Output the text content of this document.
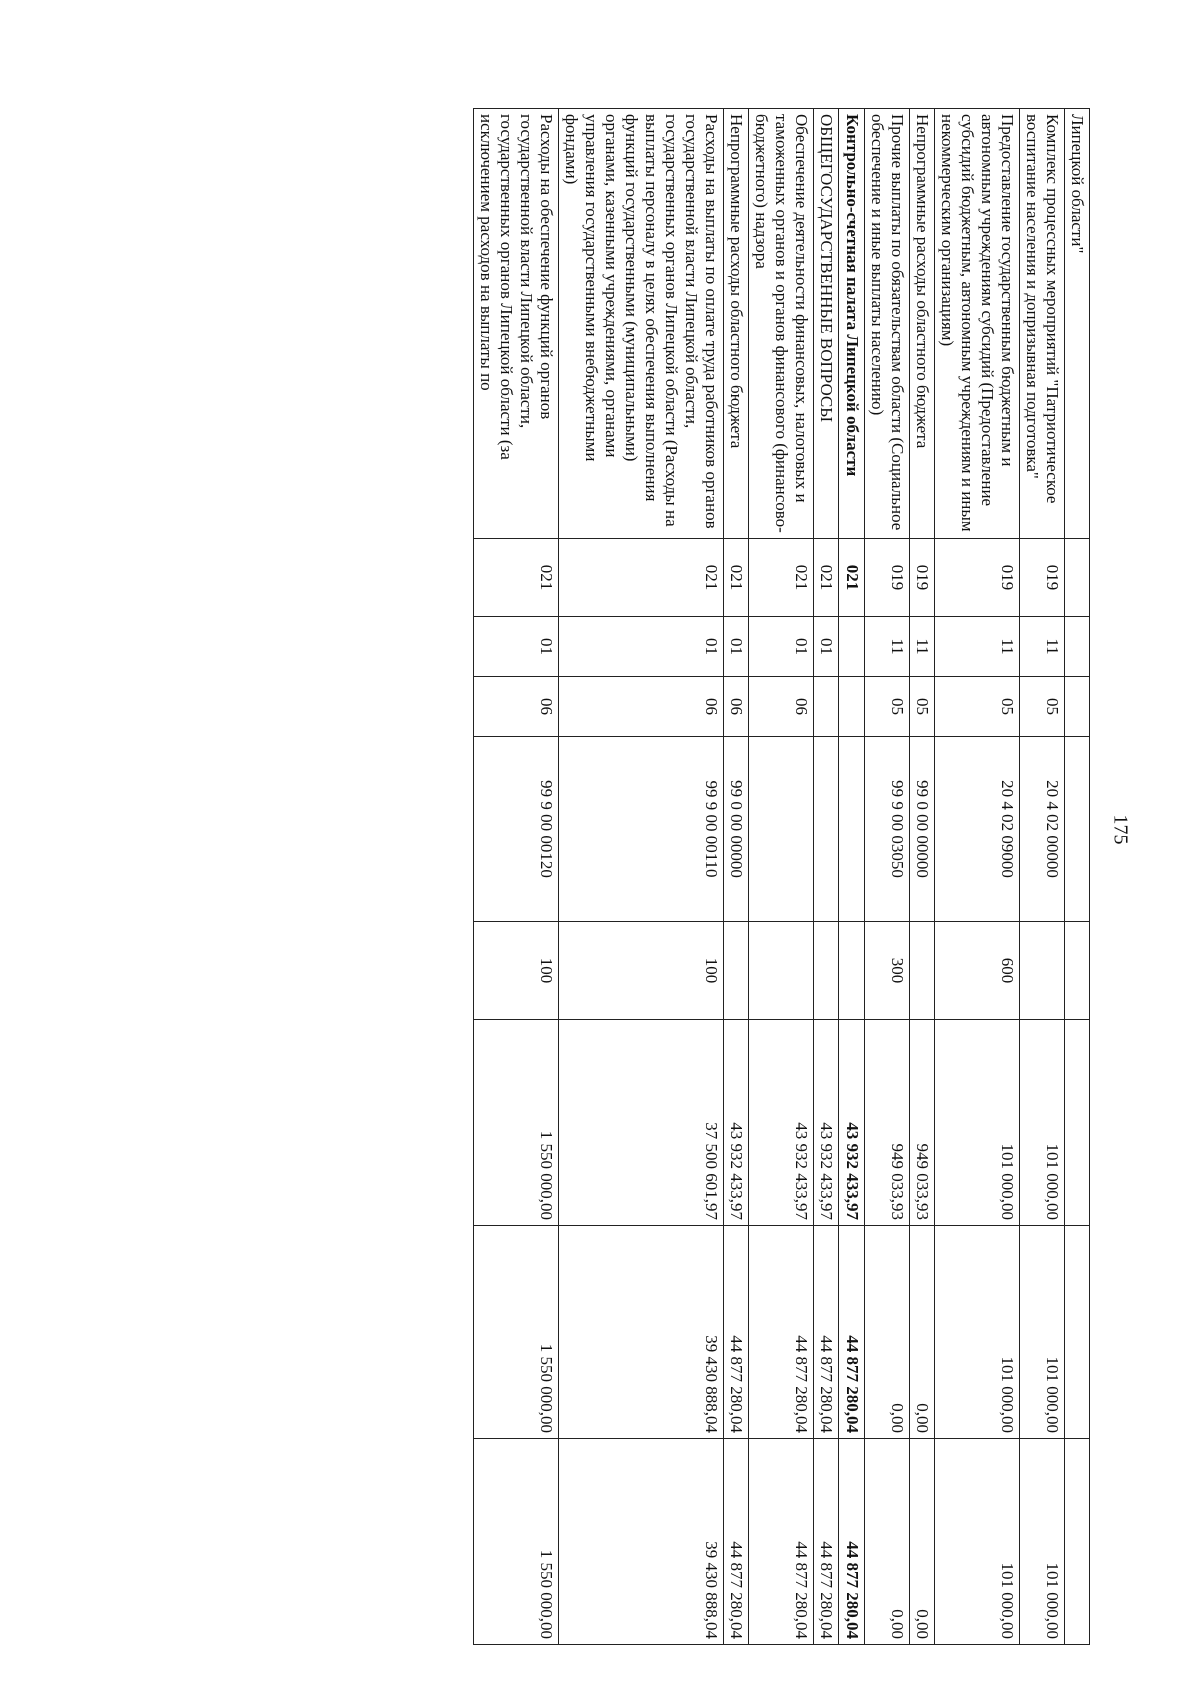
175
Липецкой области"								
Комплекс процессных мероприятий "Патриотическое воспитание населения и допризывная подготовка"	019	11	05	20 4 02 00000		101 000,00	101 000,00	101 000,00
Предоставление государственным бюджетным и автономным учреждениям субсидий (Предоставление субсидий бюджетным, автономным учреждениям и иным некоммерческим организациям)	019	11	05	20 4 02 09000	600	101 000,00	101 000,00	101 000,00
Непрограммные расходы областного бюджета	019	11	05	99 0 00 00000		949 033,93	0,00	0,00
Прочие выплаты по обязательствам области (Социальное обеспечение и иные выплаты населению)	019	11	05	99 9 00 03050	300	949 033,93	0,00	0,00
Контрольно-счетная палата Липецкой области	021					43 932 433,97	44 877 280,04	44 877 280,04
ОБЩЕГОСУДАРСТВЕННЫЕ ВОПРОСЫ	021	01				43 932 433,97	44 877 280,04	44 877 280,04
Обеспечение деятельности финансовых, налоговых и таможенных органов и органов финансового (финансово-бюджетного) надзора	021	01	06			43 932 433,97	44 877 280,04	44 877 280,04
Непрограммные расходы областного бюджета	021	01	06	99 0 00 00000		43 932 433,97	44 877 280,04	44 877 280,04
Расходы на выплаты по оплате труда работников органов государственной власти Липецкой области, государственных органов Липецкой области (Расходы на выплаты персоналу в целях обеспечения выполнения функций государственными (муниципальными) органами, казенными учреждениями, органами управления государственными внебюджетными фондами)	021	01	06	99 9 00 00110	100	37 500 601,97	39 430 888,04	39 430 888,04
Расходы на обеспечение функций органов государственной власти Липецкой области, государственных органов Липецкой области (за исключением расходов на выплаты по	021	01	06	99 9 00 00120	100	1 550 000,00	1 550 000,00	1 550 000,00
